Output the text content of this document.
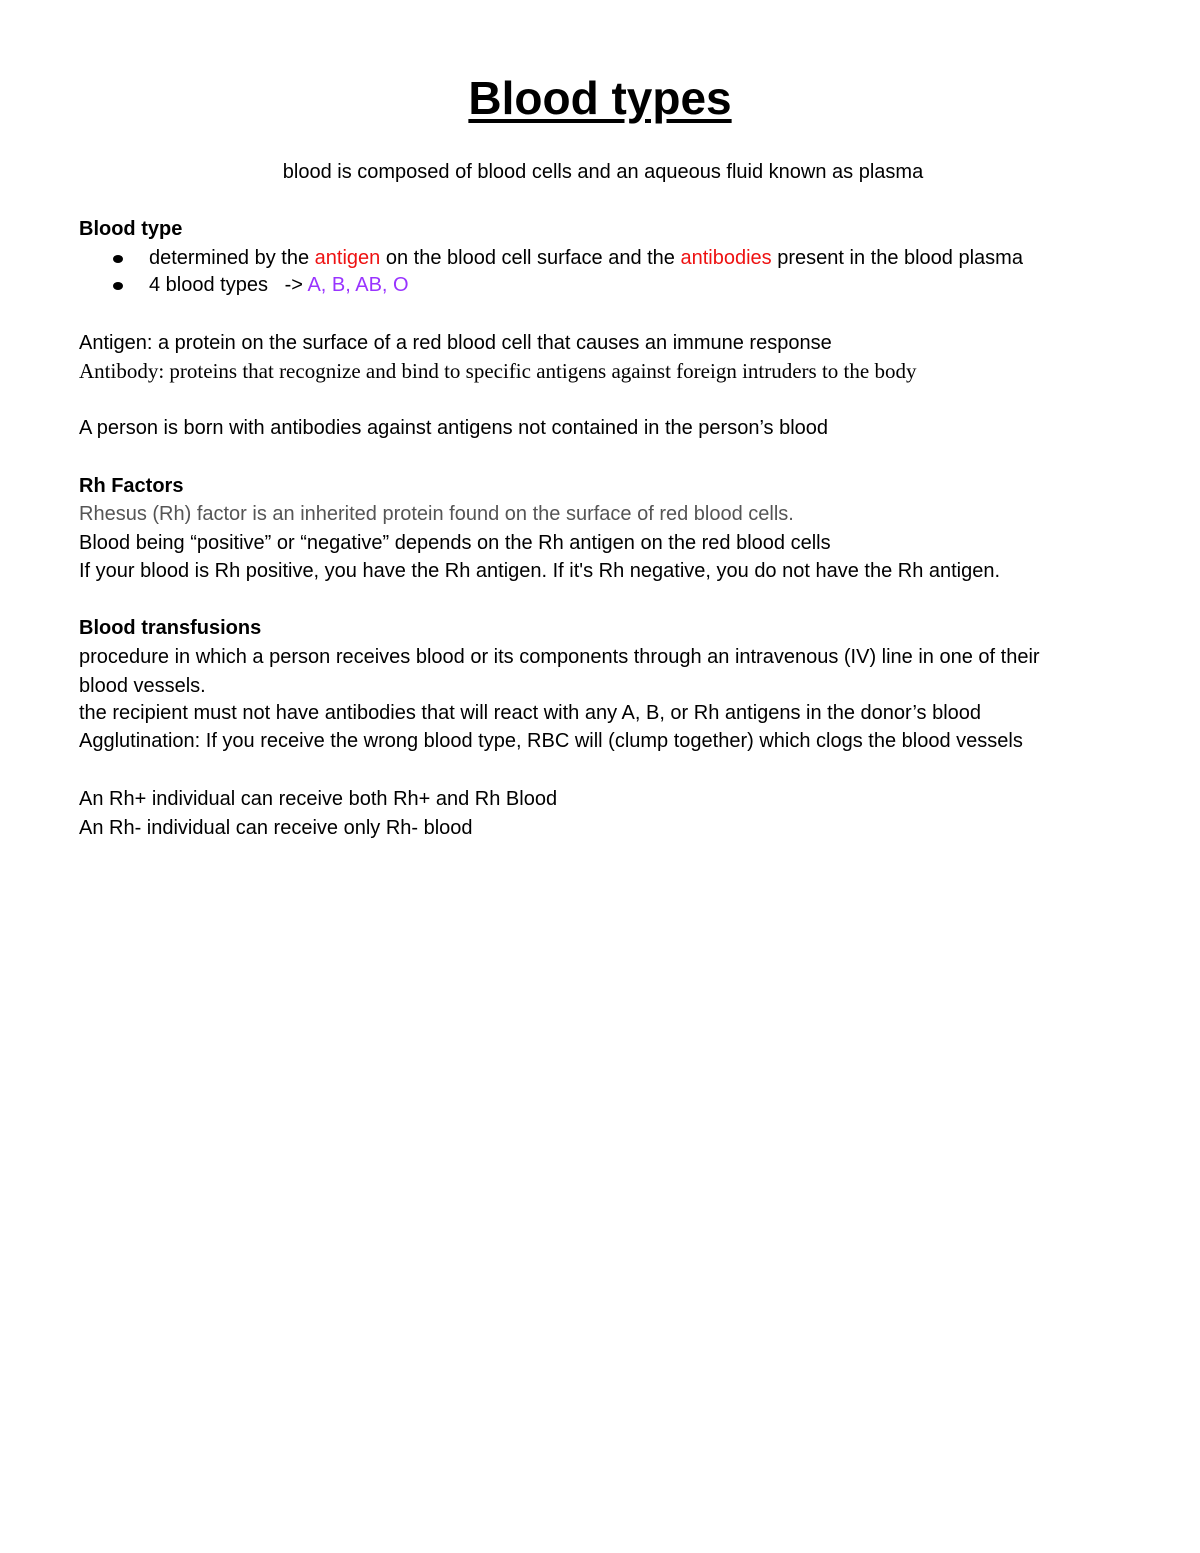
Blood types

blood is composed of blood cells and an aqueous fluid known as plasma

Blood type

determined by the antigen on the blood cell surface and the antibodies present in the blood plasma

4 blood types   -> A, B, AB, O

Antigen: a protein on the surface of a red blood cell that causes an immune response

Antibody: proteins that recognize and bind to specific antigens against foreign intruders to the body

A person is born with antibodies against antigens not contained in the person’s blood

Rh Factors

Rhesus (Rh) factor is an inherited protein found on the surface of red blood cells.

Blood being “positive” or “negative” depends on the Rh antigen on the red blood cells

If your blood is Rh positive, you have the Rh antigen. If it's Rh negative, you do not have the Rh antigen.

Blood transfusions

procedure in which a person receives blood or its components through an intravenous (IV) line in one of their

blood vessels.

the recipient must not have antibodies that will react with any A, B, or Rh antigens in the donor’s blood

Agglutination: If you receive the wrong blood type, RBC will (clump together) which clogs the blood vessels

An Rh+ individual can receive both Rh+ and Rh Blood

An Rh- individual can receive only Rh- blood
